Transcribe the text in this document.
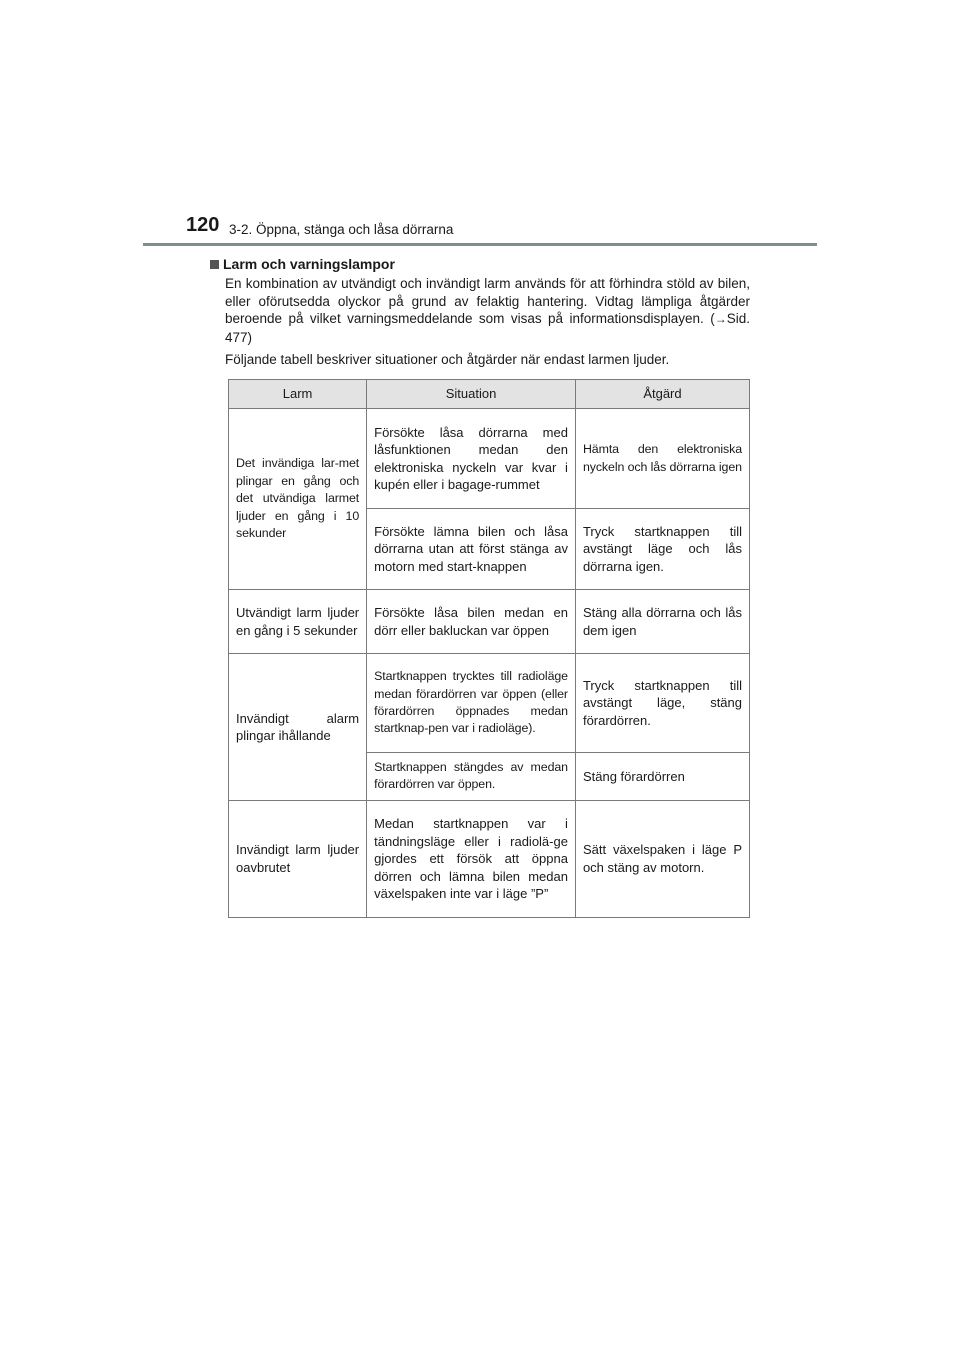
120 3-2. Öppna, stänga och låsa dörrarna
Larm och varningslampor

En kombination av utvändigt och invändigt larm används för att förhindra stöld av bilen, eller oförutsedda olyckor på grund av felaktig hantering. Vidtag lämpliga åtgärder beroende på vilket varningsmeddelande som visas på informationsdisplayen. (→Sid. 477)

Följande tabell beskriver situationer och åtgärder när endast larmen ljuder.

Larm	Situation	Åtgärd
Det invändiga lar-met plingar en gång och det utvändiga larmet ljuder en gång i 10 sekunder	Försökte låsa dörrarna med låsfunktionen medan den elektroniska nyckeln var kvar i kupén eller i bagage-rummet	Hämta den elektroniska nyckeln och lås dörrarna igen
	Försökte lämna bilen och låsa dörrarna utan att först stänga av motorn med start-knappen	Tryck startknappen till avstängt läge och lås dörrarna igen.
Utvändigt larm ljuder en gång i 5 sekunder	Försökte låsa bilen medan en dörr eller bakluckan var öppen	Stäng alla dörrarna och lås dem igen
Invändigt alarm plingar ihållande	Startknappen trycktes till radioläge medan förardörren var öppen (eller förardörren öppnades medan startknap-pen var i radioläge).	Tryck startknappen till avstängt läge, stäng förardörren.
	Startknappen stängdes av medan förardörren var öppen.	Stäng förardörren
Invändigt larm ljuder oavbrutet	Medan startknappen var i tändningsläge eller i radiolä-ge gjordes ett försök att öppna dörren och lämna bilen medan växelspaken inte var i läge ”P”	Sätt växelspaken i läge P och stäng av motorn.
